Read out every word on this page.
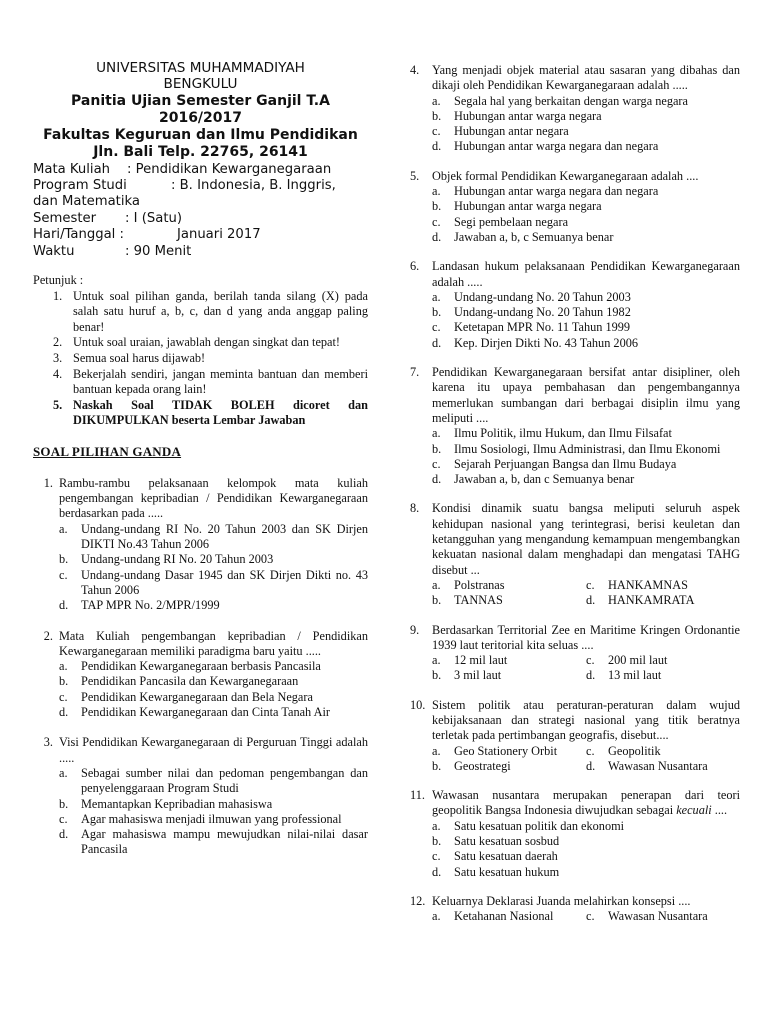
UNIVERSITAS MUHAMMADIYAH
BENGKULU
Panitia Ujian Semester Ganjil T.A
2016/2017
Fakultas Keguruan dan Ilmu Pendidikan
Jln. Bali Telp. 22765, 26141
Mata Kuliah : Pendidikan Kewarganegaraan
Program Studi	: B. Indonesia, B. Inggris,
dan Matematika
Semester : I (Satu)
Hari/Tanggal :	Januari 2017
Waktu	: 90 Menit
Petunjuk :
1. Untuk soal pilihan ganda, berilah tanda silang (X) pada salah satu huruf a, b, c, dan d yang anda anggap paling benar!
2. Untuk soal uraian, jawablah dengan singkat dan tepat!
3. Semua soal harus dijawab!
4. Bekerjalah sendiri, jangan meminta bantuan dan memberi bantuan kepada orang lain!
5. Naskah Soal TIDAK BOLEH dicoret dan DIKUMPULKAN beserta Lembar Jawaban
SOAL PILIHAN GANDA
1. Rambu-rambu pelaksanaan kelompok mata kuliah pengembangan kepribadian / Pendidikan Kewarganegaraan berdasarkan pada .....
a.	Undang-undang RI No. 20 Tahun 2003 dan SK Dirjen DIKTI No.43 Tahun 2006
b.	Undang-undang RI No. 20 Tahun 2003
c.	Undang-undang Dasar 1945 dan SK Dirjen Dikti no. 43 Tahun 2006
d.	TAP MPR No. 2/MPR/1999
2. Mata Kuliah pengembangan kepribadian / Pendidikan Kewarganegaraan memiliki paradigma baru yaitu .....
a.	Pendidikan Kewarganegaraan berbasis Pancasila
b.	Pendidikan Pancasila dan Kewarganegaraan
c.	Pendidikan Kewarganegaraan dan Bela Negara
d.	Pendidikan Kewarganegaraan dan Cinta Tanah Air
3. Visi Pendidikan Kewarganegaraan di Perguruan Tinggi adalah .....
a.	Sebagai sumber nilai dan pedoman pengembangan dan penyelenggaraan Program Studi
b.	Memantapkan Kepribadian mahasiswa
c.	Agar mahasiswa menjadi ilmuwan yang professional
d.	Agar mahasiswa mampu mewujudkan nilai-nilai dasar Pancasila
4.	Yang menjadi objek material atau sasaran yang dibahas dan dikaji oleh Pendidikan Kewarganegaraan adalah .....
a.	Segala hal yang berkaitan dengan warga negara
b.	Hubungan antar warga negara
c.	Hubungan antar negara
d.	Hubungan antar warga negara dan negara
5.	Objek formal Pendidikan Kewarganegaraan adalah ....
a.	Hubungan antar warga negara dan negara
b.	Hubungan antar warga negara
c.	Segi pembelaan negara
d.	Jawaban a, b, c Semuanya benar
6.	Landasan hukum pelaksanaan Pendidikan Kewarganegaraan adalah .....
a.	Undang-undang No. 20 Tahun 2003
b.	Undang-undang No. 20 Tahun 1982
c.	Ketetapan MPR No. 11 Tahun 1999
d.	Kep. Dirjen Dikti No. 43 Tahun 2006
7.	Pendidikan Kewarganegaraan bersifat antar disipliner, oleh karena itu upaya pembahasan dan pengembangannya memerlukan sumbangan dari berbagai disiplin ilmu yang meliputi ....
a.	Ilmu Politik, ilmu Hukum, dan Ilmu Filsafat
b.	Ilmu Sosiologi, Ilmu Administrasi, dan Ilmu Ekonomi
c.	Sejarah Perjuangan Bangsa dan Ilmu Budaya
d.	Jawaban a, b, dan c Semuanya benar
8.	Kondisi dinamik suatu bangsa meliputi seluruh aspek kehidupan nasional yang terintegrasi, berisi keuletan dan ketangguhan yang mengandung kemampuan mengembangkan kekuatan nasional dalam menghadapi dan mengatasi TAHG disebut ...
a.	Polstranas	c.	HANKAMNAS
b.	TANNAS	d.	HANKAMRATA
9.	Berdasarkan Territorial Zee en Maritime Kringen Ordonantie 1939 laut teritorial kita seluas ....
a.	12 mil laut	c.	200 mil laut
b.	3 mil laut	d.	13 mil laut
10. Sistem politik atau peraturan-peraturan dalam wujud kebijaksanaan dan strategi nasional yang titik beratnya terletak pada pertimbangan geografis, disebut....
a.	Geo Stationery Orbit c.	Geopolitik
b.	Geostrategi	d.	Wawasan Nusantara
11. Wawasan nusantara merupakan penerapan dari teori geopolitik Bangsa Indonesia diwujudkan sebagai kecuali ....
a.	Satu kesatuan politik dan ekonomi
b.	Satu kesatuan sosbud
c.	Satu kesatuan daerah
d.	Satu kesatuan hukum
12. Keluarnya Deklarasi Juanda melahirkan konsepsi ....
a.	Ketahanan Nasional	c.	Wawasan Nusantara
